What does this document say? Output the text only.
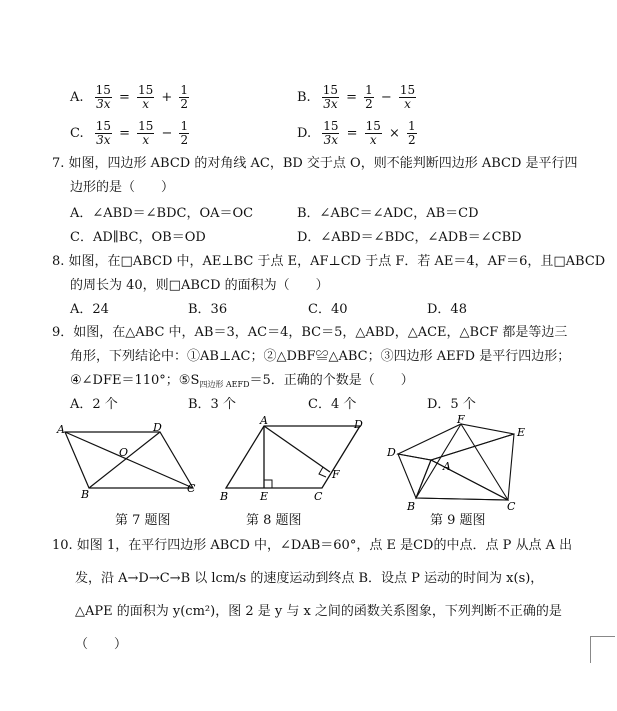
A. $\frac{15}{3x} = \frac{15}{x} + \frac{1}{2}$	B. $\frac{15}{3x} = \frac{1}{2} - \frac{15}{x}$
C. $\frac{15}{3x} = \frac{15}{x} - \frac{1}{2}$	D. $\frac{15}{3x} = \frac{15}{x} \times \frac{1}{2}$
7. 如图，四边形 ABCD 的对角线 AC，BD 交于点 O，则不能判断四边形 ABCD 是平行四
边形的是（　　）
A．∠ABD＝∠BDC，OA＝OC	B．∠ABC＝∠ADC，AB＝CD
C．AD∥BC，OB＝OD	D．∠ABD＝∠BDC，∠ADB＝∠CBD
8. 如图，在□ABCD 中，AE⊥BC 于点 E，AF⊥CD 于点 F．若 AE＝4，AF＝6，且□ABCD
的周长为 40，则□ABCD 的面积为（　　）
A．24	B．36	C．40	D．48
9．如图，在△ABC 中，AB＝3，AC＝4，BC＝5，△ABD，△ACE，△BCF 都是等边三
角形，下列结论中：①AB⊥AC；②△DBF≌△ABC；③四边形 AEFD 是平行四边形；
④∠DFE＝110°；$⑤S_{四边形 AEFD}=5$．正确的个数是（　　）
A．2 个	B．3 个	C．4 个	D．5 个
A	D
O
B	C
第 7 题图
A	D
F
B	E	C
第 8 题图
F
E
D
A
B	C
第 9 题图
10. 如图 1，在平行四边形 ABCD 中，∠DAB＝60°，点 E 是CD的中点．点 P 从点 A 出
发，沿 A→D→C→B 以 lcm/s 的速度运动到终点 B．设点 P 运动的时间为 x(s)，
△APE 的面积为 y(cm²)，图 2 是 y 与 x 之间的函数关系图象，下列判断不正确的是
（　　）
